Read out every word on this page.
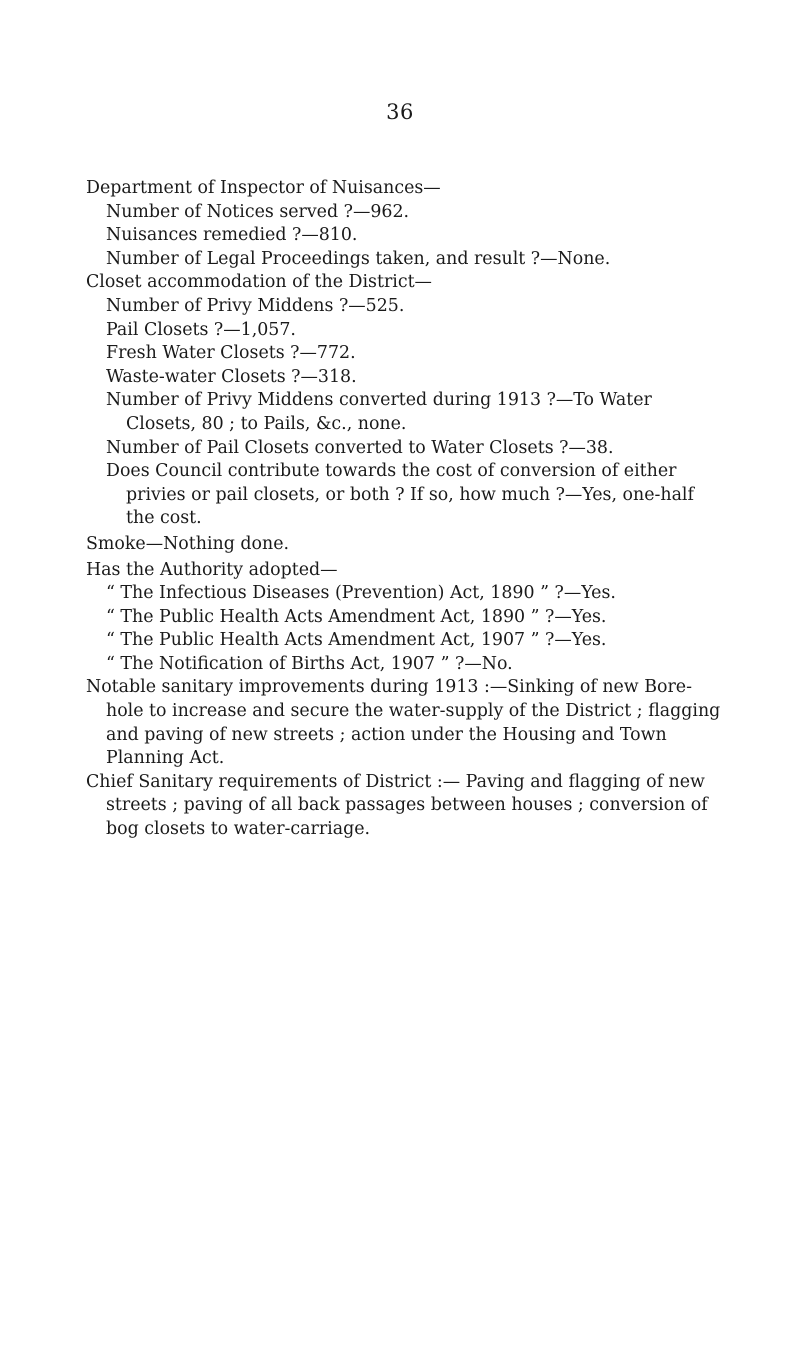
36
Department of Inspector of Nuisances—
Number of Notices served ?—962.
Nuisances remedied ?—810.
Number of Legal Proceedings taken, and result ?—None.
Closet accommodation of the District—
Number of Privy Middens ?—525.
Pail Closets ?—1,057.
Fresh Water Closets ?—772.
Waste-water Closets ?—318.
Number of Privy Middens converted during 1913 ?—To Water Closets, 80 ; to Pails, &c., none.
Number of Pail Closets converted to Water Closets ?—38.
Does Council contribute towards the cost of conversion of either privies or pail closets, or both ? If so, how much ?—Yes, one-half the cost.
Smoke—Nothing done.
Has the Authority adopted—
“ The Infectious Diseases (Prevention) Act, 1890 ” ?—Yes.
“ The Public Health Acts Amendment Act, 1890 ” ?—Yes.
“ The Public Health Acts Amendment Act, 1907 ” ?—Yes.
“ The Notification of Births Act, 1907 ” ?—No.
Notable sanitary improvements during 1913 :—Sinking of new Bore-hole to increase and secure the water-supply of the District ; flagging and paving of new streets ; action under the Housing and Town Planning Act.
Chief Sanitary requirements of District :— Paving and flagging of new streets ; paving of all back passages between houses ; conversion of bog closets to water-carriage.
